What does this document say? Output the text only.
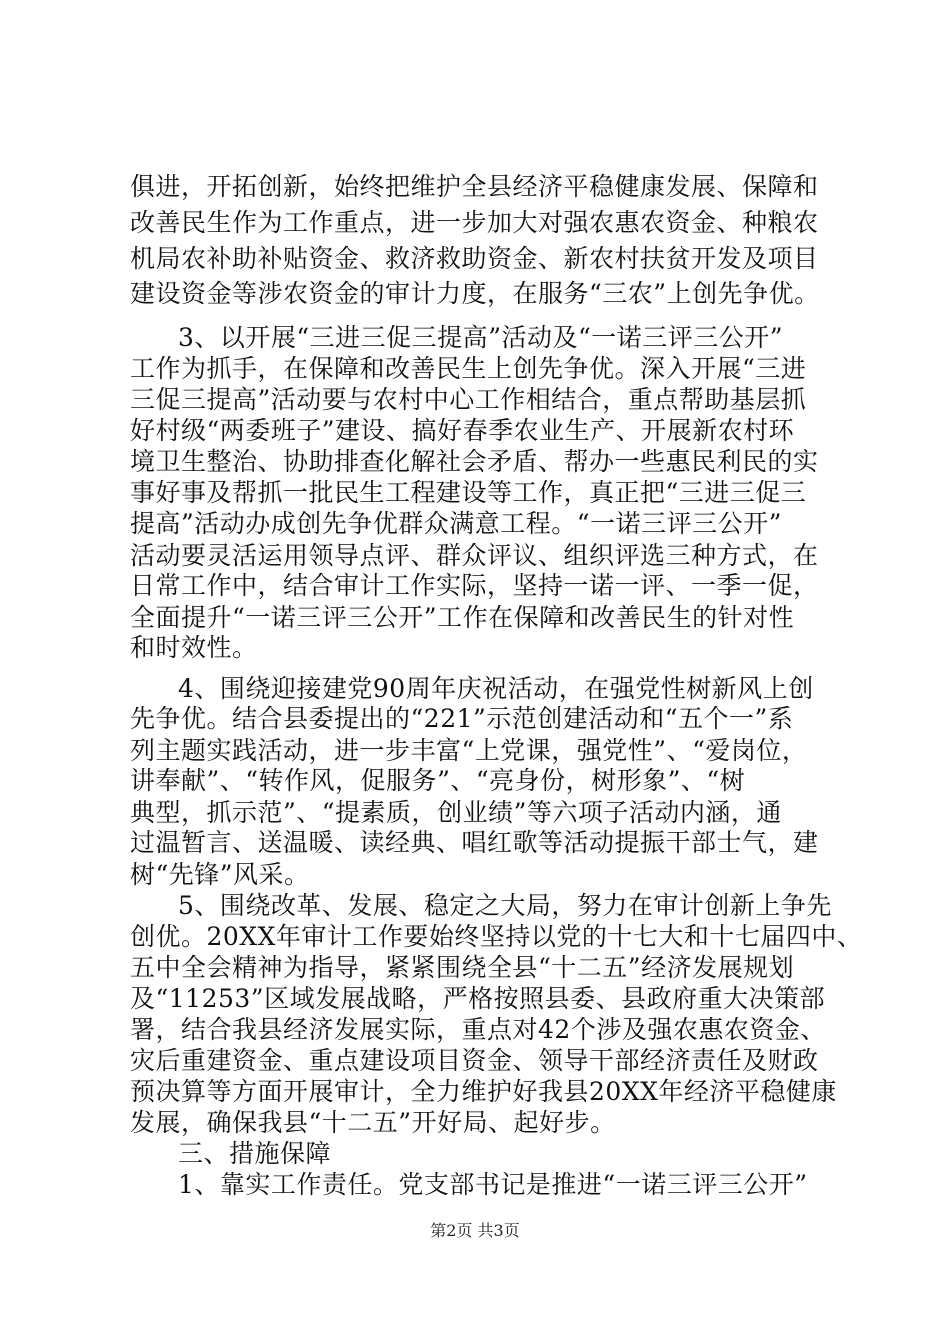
俱进，开拓创新，始终把维护全县经济平稳健康发展、保障和
改善民生作为工作重点，进一步加大对强农惠农资金、种粮农
机局农补助补贴资金、救济救助资金、新农村扶贫开发及项目
建设资金等涉农资金的审计力度，在服务“三农”上创先争优。
3、以开展“三进三促三提高”活动及“一诺三评三公开”
工作为抓手，在保障和改善民生上创先争优。深入开展“三进
三促三提高”活动要与农村中心工作相结合，重点帮助基层抓
好村级“两委班子”建设、搞好春季农业生产、开展新农村环
境卫生整治、协助排查化解社会矛盾、帮办一些惠民利民的实
事好事及帮抓一批民生工程建设等工作，真正把“三进三促三
提高”活动办成创先争优群众满意工程。“一诺三评三公开”
活动要灵活运用领导点评、群众评议、组织评选三种方式，在
日常工作中，结合审计工作实际，坚持一诺一评、一季一促，
全面提升“一诺三评三公开”工作在保障和改善民生的针对性
和时效性。
4、围绕迎接建党90周年庆祝活动，在强党性树新风上创
先争优。结合县委提出的“221”示范创建活动和“五个一”系
列主题实践活动，进一步丰富“上党课，强党性”、“爱岗位，
讲奉献”、“转作风，促服务”、“亮身份，树形象”、“树
典型，抓示范”、“提素质，创业绩”等六项子活动内涵，通
过温暂言、送温暖、读经典、唱红歌等活动提振干部士气，建
树“先锋”风采。
5、围绕改革、发展、稳定之大局，努力在审计创新上争先
创优。20XX年审计工作要始终坚持以党的十七大和十七届四中、
五中全会精神为指导，紧紧围绕全县“十二五”经济发展规划
及“11253”区域发展战略，严格按照县委、县政府重大决策部
署，结合我县经济发展实际，重点对42个涉及强农惠农资金、
灾后重建资金、重点建设项目资金、领导干部经济责任及财政
预决算等方面开展审计，全力维护好我县20XX年经济平稳健康
发展，确保我县“十二五”开好局、起好步。
三、措施保障
1、靠实工作责任。党支部书记是推进“一诺三评三公开”
第2页 共3页
